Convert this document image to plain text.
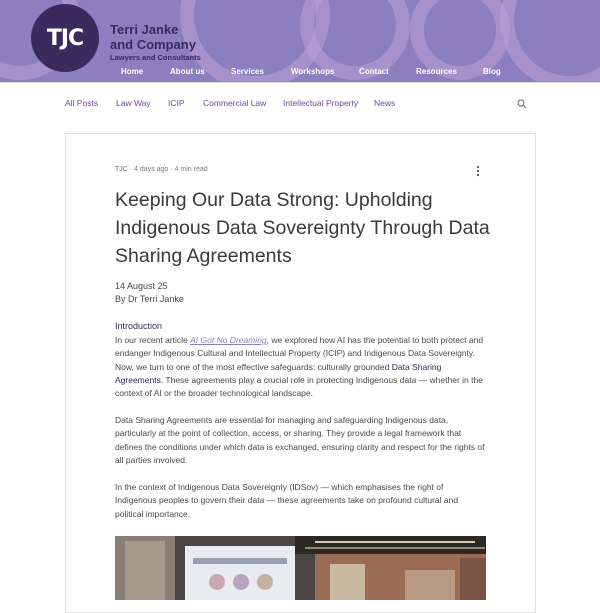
TJC Terri Janke
and Company
Lawyers and Consultants
Home	About us	Services	Workshops	Contact	Resources	Blog
All Posts Law Way ICIP Commercial Law Intellectual Property News
TJC · 4 days ago · 4 min read
Keeping Our Data Strong: Upholding Indigenous Data Sovereignty Through Data Sharing Agreements
14 August 25
By Dr Terri Janke
Introduction

In our recent article AI Got No Dreaming, we explored how AI has the potential to both protect and endanger Indigenous Cultural and Intellectual Property (ICIP) and Indigenous Data Sovereignty. Now, we turn to one of the most effective safeguards: culturally grounded Data Sharing Agreements. These agreements play a crucial role in protecting Indigenous data — whether in the context of AI or the broader technological landscape.

Data Sharing Agreements are essential for managing and safeguarding Indigenous data, particularly at the point of collection, access, or sharing. They provide a legal framework that defines the conditions under which data is exchanged, ensuring clarity and respect for the rights of all parties involved.

In the context of Indigenous Data Sovereignty (IDSov) — which emphasises the right of Indigenous peoples to govern their data — these agreements take on profound cultural and political importance.
